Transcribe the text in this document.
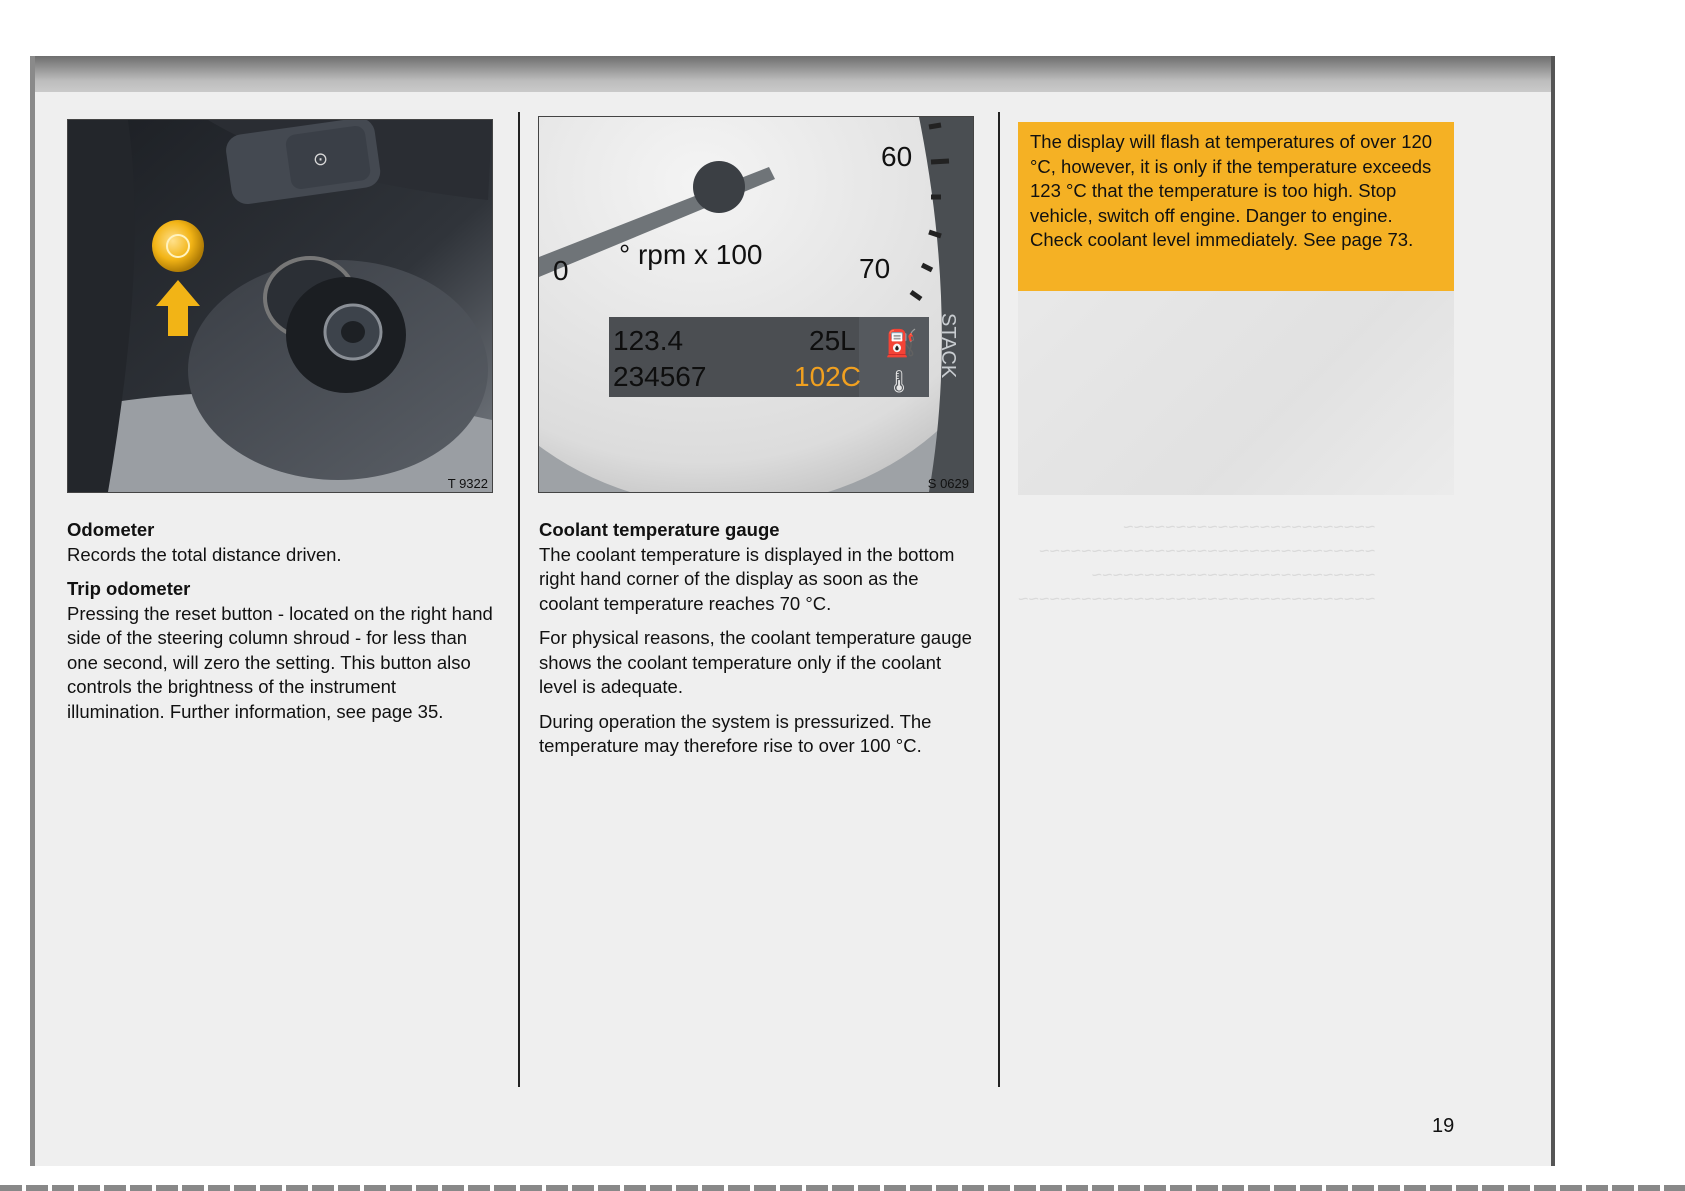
~~~~~~~~~~~~~~~~~~~~~~~~
~~~~~~~~~~~~~~~~~~~~~~~~~~~~~~~~
~~~~~~~~~~~~~~~~~~~~~~~~~~~
~~~~~~~~~~~~~~~~~~~~~~~~~~~~~~~~~~
⊙
T 9322
⛽
🌡
60
70
0
° rpm x 100
123.4
234567
25L
102C	STACK
S 0629
Odometer
Records the total distance driven.
Trip odometer
Pressing the reset button - located on the right hand side of the steering column shroud - for less than one second, will zero the setting. This button also controls the brightness of the instrument illumination. Further information, see page 35.
Coolant temperature gauge
The coolant temperature is displayed in the bottom right hand corner of the display as soon as the coolant temperature reaches 70 °C.
For physical reasons, the coolant temperature gauge shows the coolant temperature only if the coolant level is adequate.
During operation the system is pressurized. The temperature may therefore rise to over 100 °C.
The display will flash at temperatures of over 120 °C, however, it is only if the temperature exceeds 123 °C that the temperature is too high. Stop vehicle, switch off engine. Danger to engine. Check coolant level immediately. See page 73.
19
